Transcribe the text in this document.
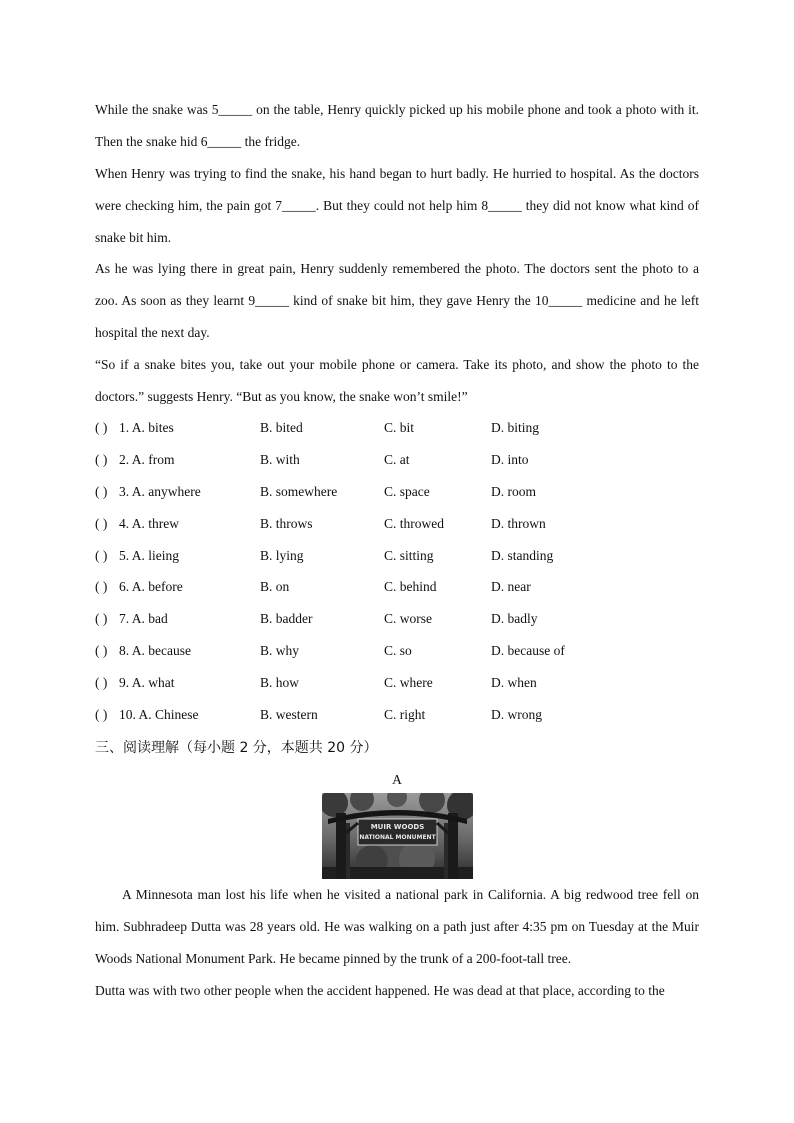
While the snake was 5_____ on the table, Henry quickly picked up his mobile phone and took a photo with it. Then the snake hid 6_____ the fridge.

When Henry was trying to find the snake, his hand began to hurt badly. He hurried to hospital. As the doctors were checking him, the pain got 7_____. But they could not help him 8_____ they did not know what kind of snake bit him.

As he was lying there in great pain, Henry suddenly remembered the photo. The doctors sent the photo to a zoo. As soon as they learnt 9_____ kind of snake bit him, they gave Henry the 10_____ medicine and he left hospital the next day.

“So if a snake bites you, take out your mobile phone or camera. Take its photo, and show the photo to the doctors.” suggests Henry. “But as you know, the snake won’t smile!”

( ) 1. A. bites	B. bited	C. bit	D. biting
( ) 2. A. from	B. with	C. at	D. into
( ) 3. A. anywhere	B. somewhere	C. space	D. room
( ) 4. A. threw	B. throws	C. throwed	D. thrown
( ) 5. A. lieing	B. lying	C. sitting	D. standing
( ) 6. A. before	B. on	C. behind	D. near
( ) 7. A. bad	B. badder	C. worse	D. badly
( ) 8. A. because	B. why	C. so	D. because of
( ) 9. A. what	B. how	C. where	D. when
( ) 10. A. Chinese	B. western	C. right	D. wrong
三、阅读理解（每小题 2 分，本题共 20 分）
A
MUIR WOODS
NATIONAL MONUMENT

A Minnesota man lost his life when he visited a national park in California. A big redwood tree fell on him. Subhradeep Dutta was 28 years old. He was walking on a path just after 4:35 pm on Tuesday at the Muir Woods National Monument Park. He became pinned by the trunk of a 200-foot-tall tree.

Dutta was with two other people when the accident happened. He was dead at that place, according to the
